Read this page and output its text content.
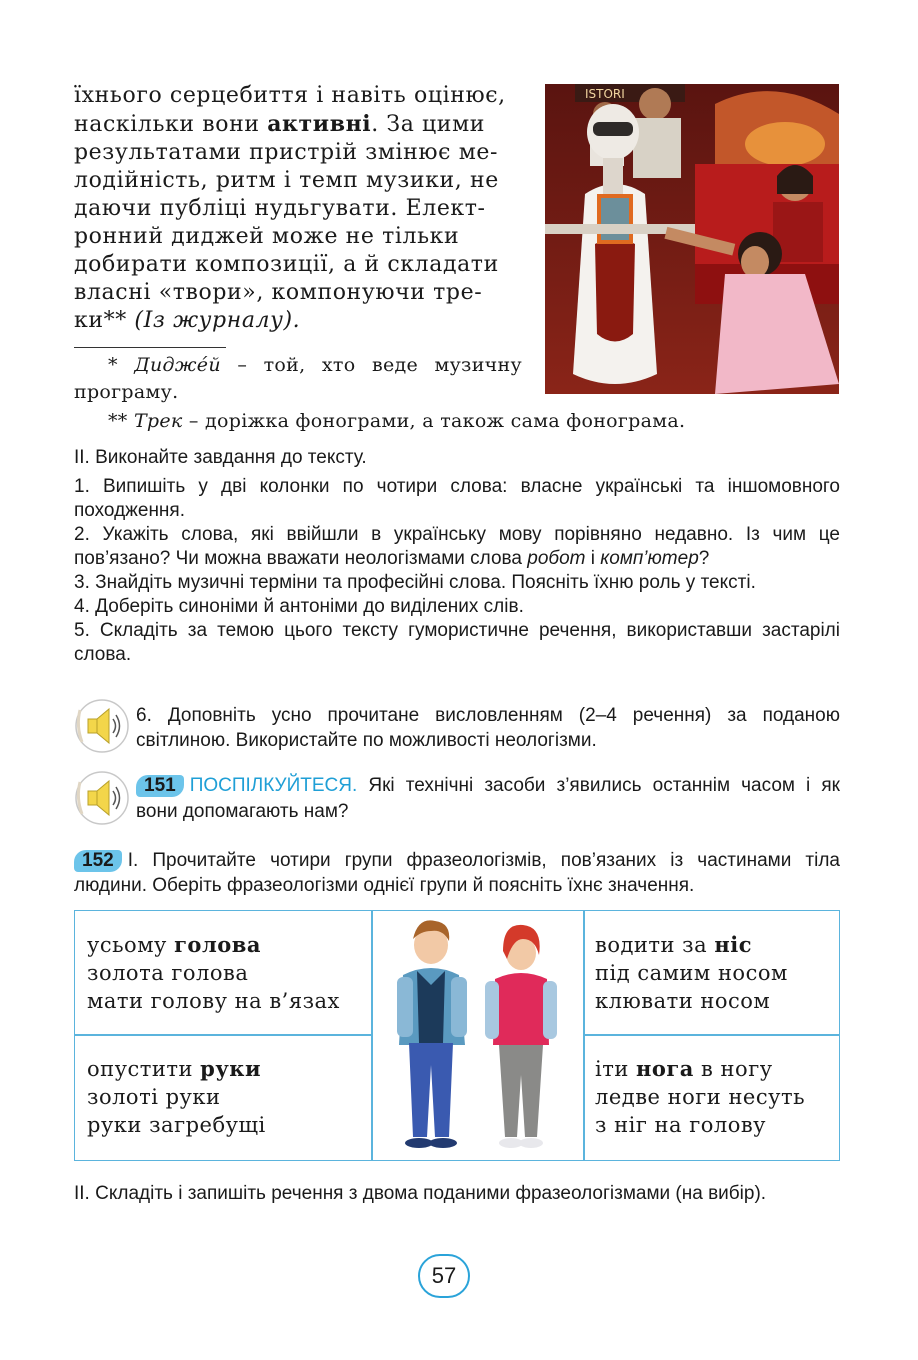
їхнього серцебиття і навіть оцінює,

наскільки вони активні. За цими

результатами пристрій змінює ме-

лодійність, ритм і темп музики, не

даючи публіці нудьгувати. Елект-

ронний диджей може не тільки

добирати композиції, а й складати

власні «твори», компонуючи тре-

ки** (Із журналу).

ISTORI
* Диджéй – той, хто веде музичну програму.
** Трек – доріжка фонограми, а також сама фонограма.

ІІ. Виконайте завдання до тексту.

1. Випишіть у дві колонки по чотири слова: власне українські та іншомовного походження.

2. Укажіть слова, які ввійшли в українську мову порівняно недавно. Із чим це пов’язано? Чи можна вважати неологізмами слова робот і комп’ютер?

3. Знайдіть музичні терміни та професійні слова. Поясніть їхню роль у тексті.

4. Доберіть синоніми й антоніми до виділених слів.

5. Складіть за темою цього тексту гумористичне речення, використавши застарілі слова.

6. Доповніть усно прочитане висловленням (2–4 речення) за поданою світлиною. Використайте по можливості неологізми.
151 ПОСПІЛКУЙТЕСЯ. Які технічні засоби з’явились останнім часом і як вони допомагають нам?
152 І. Прочитайте чотири групи фразеологізмів, пов’язаних із частинами тіла людини. Оберіть фразеологізми однієї групи й поясніть їхнє значення.
усьому голова
золота голова
мати голову на в’язах
водити за ніс
під самим носом
клювати носом
опустити руки
золоті руки
руки загребущі
іти нога в ногу
ледве ноги несуть
з ніг на голову
ІІ. Складіть і запишіть речення з двома поданими фразеологізмами (на вибір).
57
